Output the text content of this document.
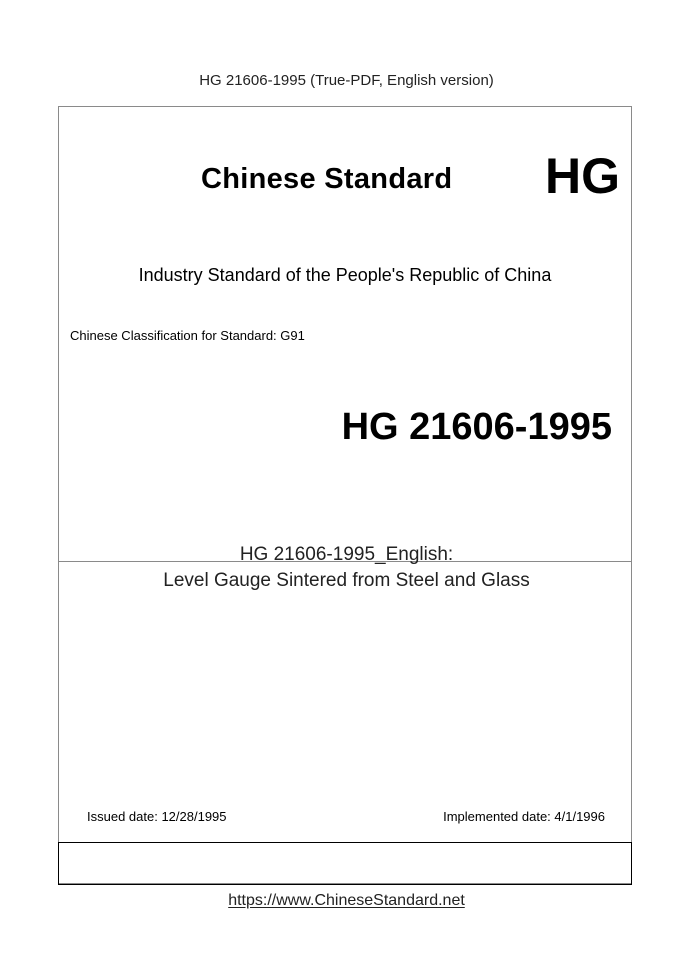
HG 21606-1995 (True-PDF, English version)
Chinese Standard HG
Industry Standard of the People's Republic of China
Chinese Classification for Standard: G91
HG 21606-1995
Issued date: 12/28/1995	Implemented date: 4/1/1996
HG 21606-1995_English:
Level Gauge Sintered from Steel and Glass
https://www.ChineseStandard.net
